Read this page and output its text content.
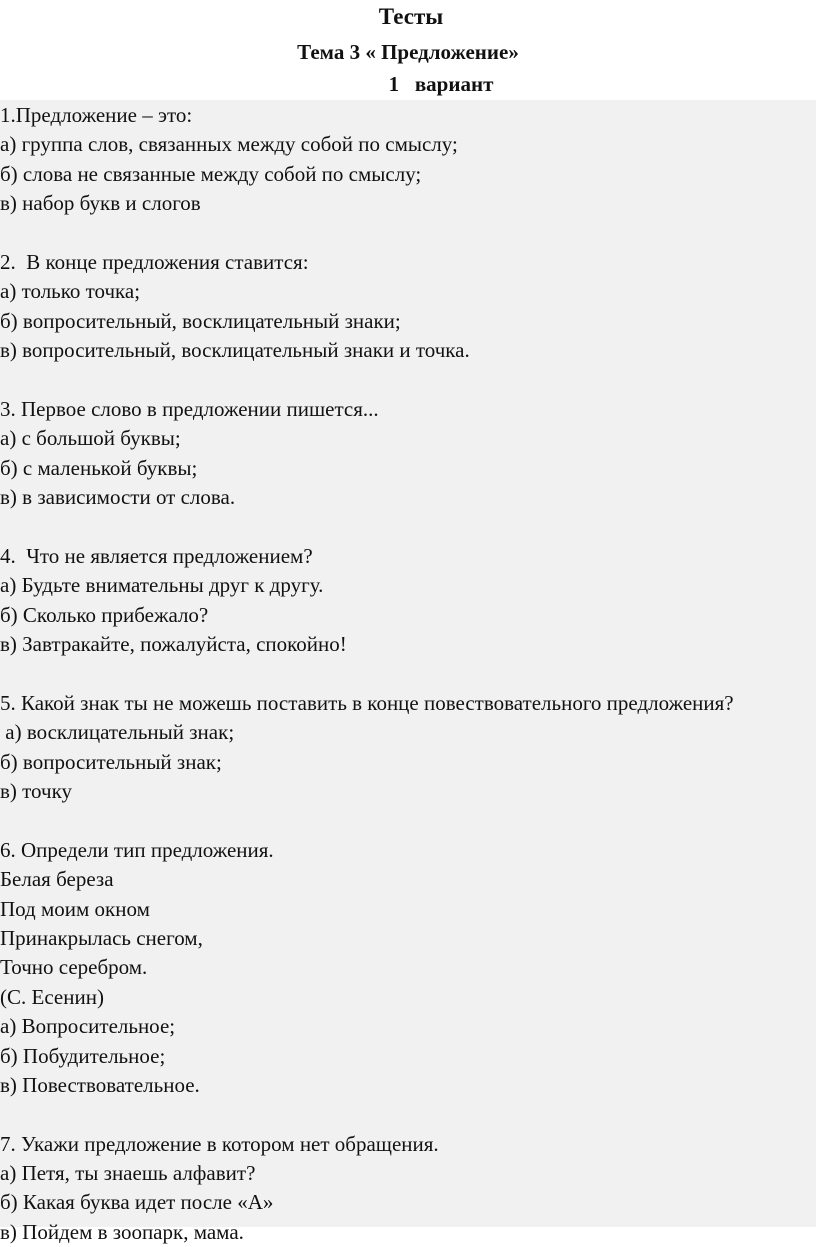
Тесты
Тема 3 « Предложение»
1   вариант
1.Предложение – это:
а) группа слов, связанных между собой по смыслу;
б) слова не связанные между собой по смыслу;
в) набор букв и слогов
2.  В конце предложения ставится:
а) только точка;
б) вопросительный, восклицательный знаки;
в) вопросительный, восклицательный знаки и точка.
3. Первое слово в предложении пишется...
а) с большой буквы;
б) с маленькой буквы;
в) в зависимости от слова.
4.  Что не является предложением?
а) Будьте внимательны друг к другу.
б) Сколько прибежало?
в) Завтракайте, пожалуйста, спокойно!
5. Какой знак ты не можешь поставить в конце повествовательного предложения?
а) восклицательный знак;
б) вопросительный знак;
в) точку
6. Определи тип предложения.
Белая береза
Под моим окном
Принакрылась снегом,
Точно серебром.
(С. Есенин)
а) Вопросительное;
б) Побудительное;
в) Повествовательное.
7. Укажи предложение в котором нет обращения.
а) Петя, ты знаешь алфавит?
б) Какая буква идет после «А»
в) Пойдем в зоопарк, мама.
